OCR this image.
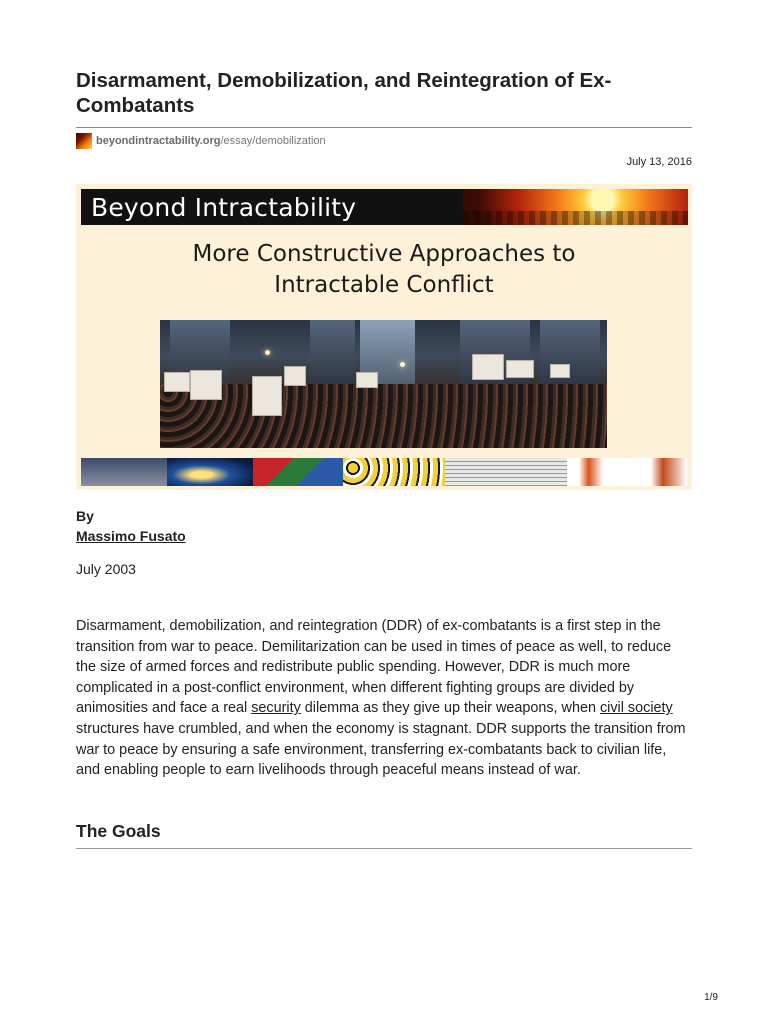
Disarmament, Demobilization, and Reintegration of Ex-Combatants
beyondintractability.org /essay/demobilization
July 13, 2016
Beyond Intractability
More Constructive Approaches to
Intractable Conflict
By
Massimo Fusato
July 2003

Disarmament, demobilization, and reintegration (DDR) of ex-combatants is a first step in the transition from war to peace. Demilitarization can be used in times of peace as well, to reduce the size of armed forces and redistribute public spending. However, DDR is much more complicated in a post-conflict environment, when different fighting groups are divided by animosities and face a real security dilemma as they give up their weapons, when civil society structures have crumbled, and when the economy is stagnant. DDR supports the transition from war to peace by ensuring a safe environment, transferring ex-combatants back to civilian life, and enabling people to earn livelihoods through peaceful means instead of war.

The Goals
1/9
